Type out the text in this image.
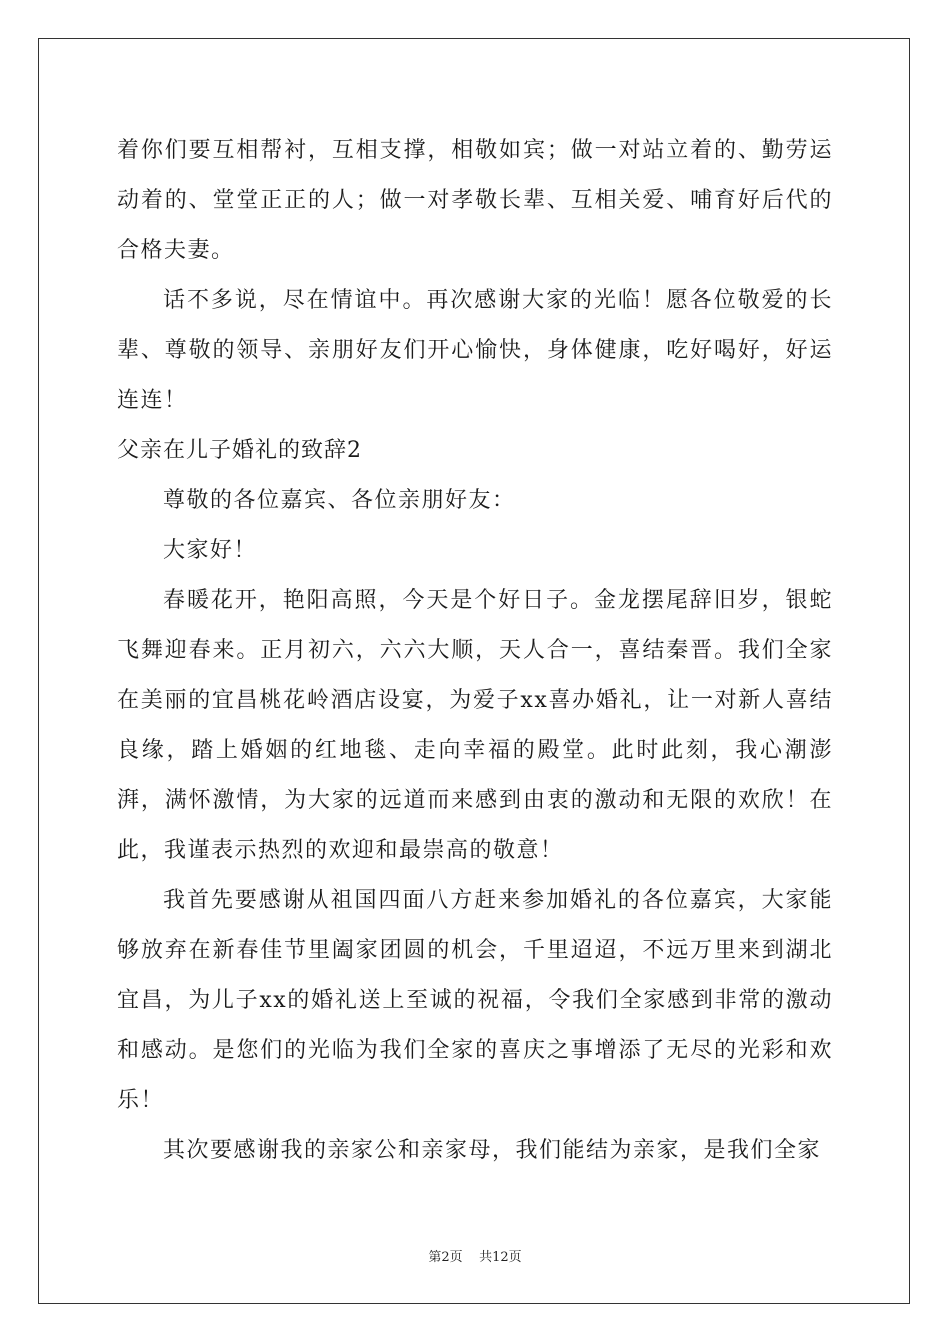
着你们要互相帮衬，互相支撑，相敬如宾；做一对站立着的、勤劳运动着的、堂堂正正的人；做一对孝敬长辈、互相关爱、哺育好后代的合格夫妻。

话不多说，尽在情谊中。再次感谢大家的光临！愿各位敬爱的长辈、尊敬的领导、亲朋好友们开心愉快，身体健康，吃好喝好，好运连连！

父亲在儿子婚礼的致辞2

尊敬的各位嘉宾、各位亲朋好友：

大家好！

春暖花开，艳阳高照，今天是个好日子。金龙摆尾辞旧岁，银蛇飞舞迎春来。正月初六，六六大顺，天人合一，喜结秦晋。我们全家在美丽的宜昌桃花岭酒店设宴，为爱子xx喜办婚礼，让一对新人喜结良缘，踏上婚姻的红地毯、走向幸福的殿堂。此时此刻，我心潮澎湃，满怀激情，为大家的远道而来感到由衷的激动和无限的欢欣！在此，我谨表示热烈的欢迎和最崇高的敬意！

我首先要感谢从祖国四面八方赶来参加婚礼的各位嘉宾，大家能够放弃在新春佳节里阖家团圆的机会，千里迢迢，不远万里来到湖北宜昌，为儿子xx的婚礼送上至诚的祝福，令我们全家感到非常的激动和感动。是您们的光临为我们全家的喜庆之事增添了无尽的光彩和欢乐！

其次要感谢我的亲家公和亲家母，我们能结为亲家，是我们全家

第2页 共12页
